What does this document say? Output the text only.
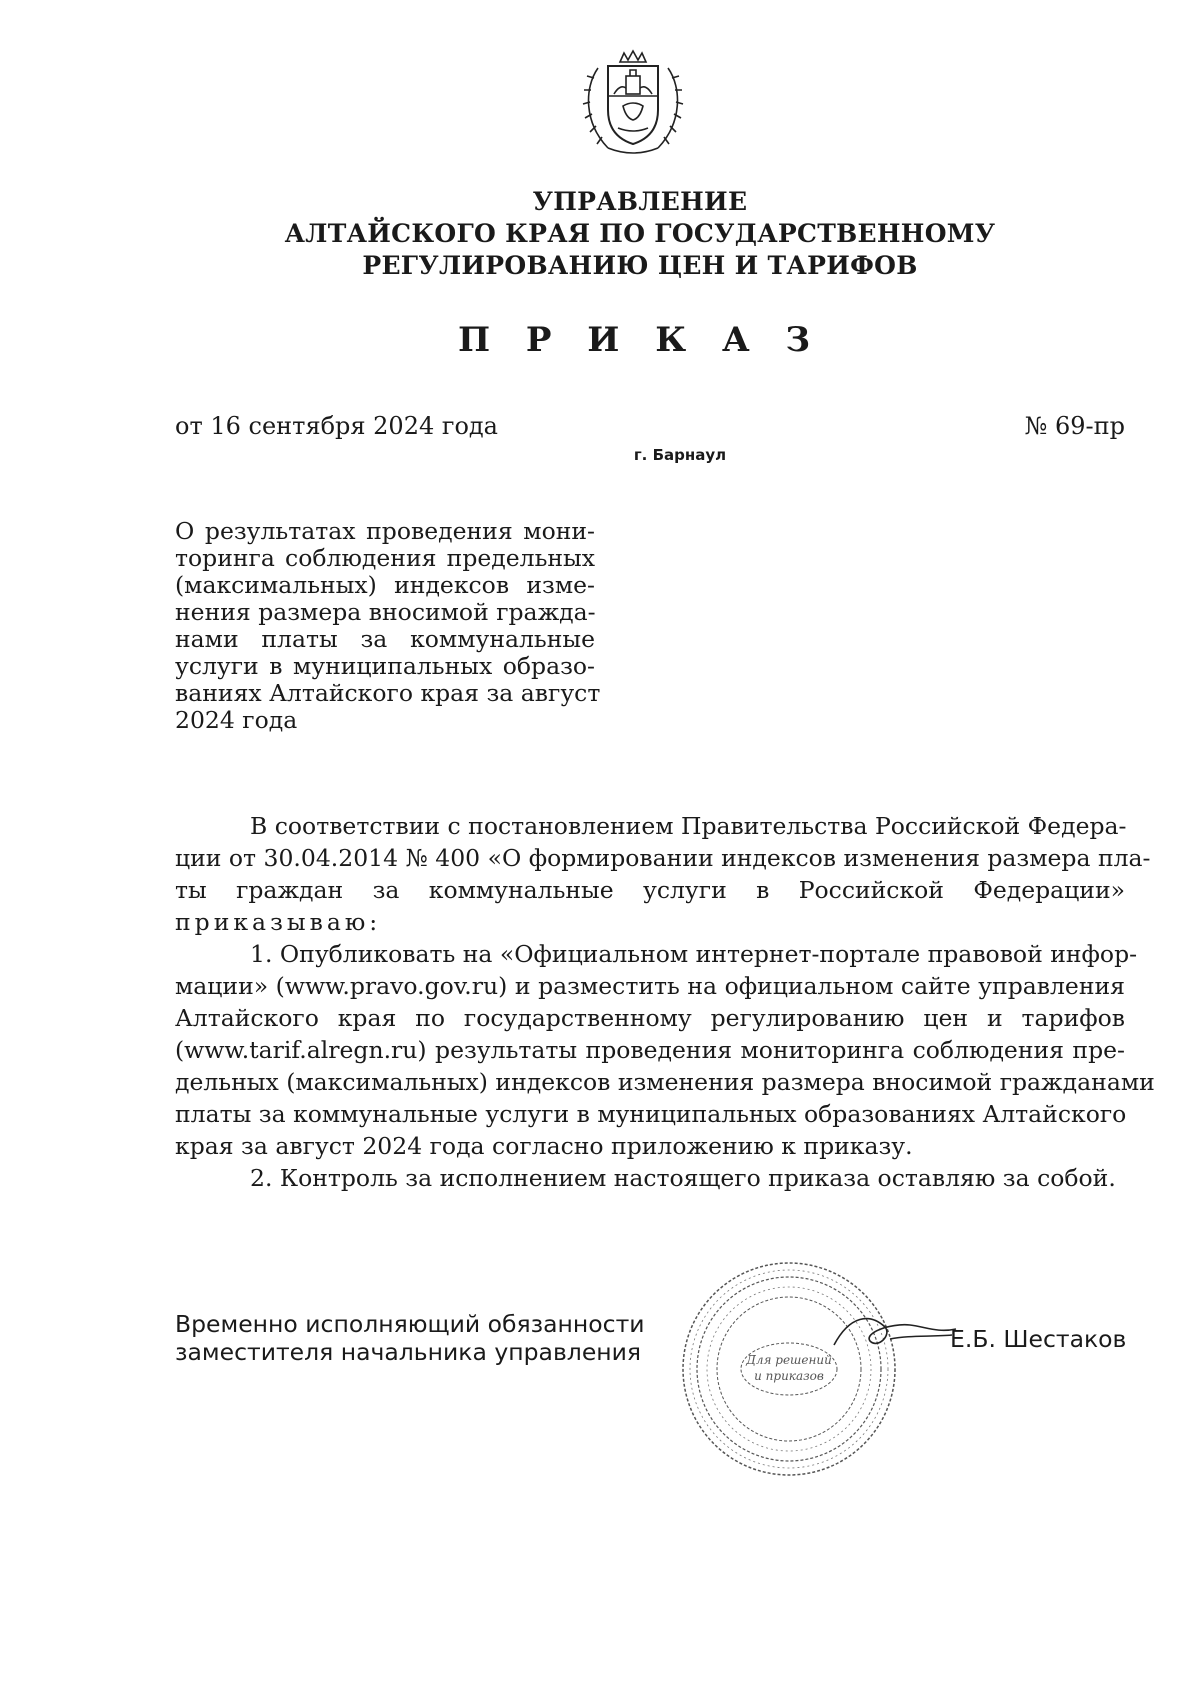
УПРАВЛЕНИЕ
АЛТАЙСКОГО КРАЯ ПО ГОСУДАРСТВЕННОМУ
РЕГУЛИРОВАНИЮ ЦЕН И ТАРИФОВ
П Р И К А З
от 16 сентября 2024 года	№ 69-пр
г. Барнаул
О результатах проведения мони-
торинга соблюдения предельных
(максимальных) индексов изме-
нения размера вносимой гражда-
нами платы за коммунальные
услуги в муниципальных образо-
ваниях Алтайского края за август
2024 года
В соответствии с постановлением Правительства Российской Федера-
ции от 30.04.2014 № 400 «О формировании индексов изменения размера пла-
ты граждан за коммунальные услуги в Российской Федерации»
приказываю:
1. Опубликовать на «Официальном интернет-портале правовой инфор-
мации» (www.pravo.gov.ru) и разместить на официальном сайте управления
Алтайского края по государственному регулированию цен и тарифов
(www.tarif.alregn.ru) результаты проведения мониторинга соблюдения пре-
дельных (максимальных) индексов изменения размера вносимой гражданами
платы за коммунальные услуги в муниципальных образованиях Алтайского
края за август 2024 года согласно приложению к приказу.
2. Контроль за исполнением настоящего приказа оставляю за собой.
Временно исполняющий обязанности
заместителя начальника управления	Для решений
и приказов
Е.Б. Шестаков
